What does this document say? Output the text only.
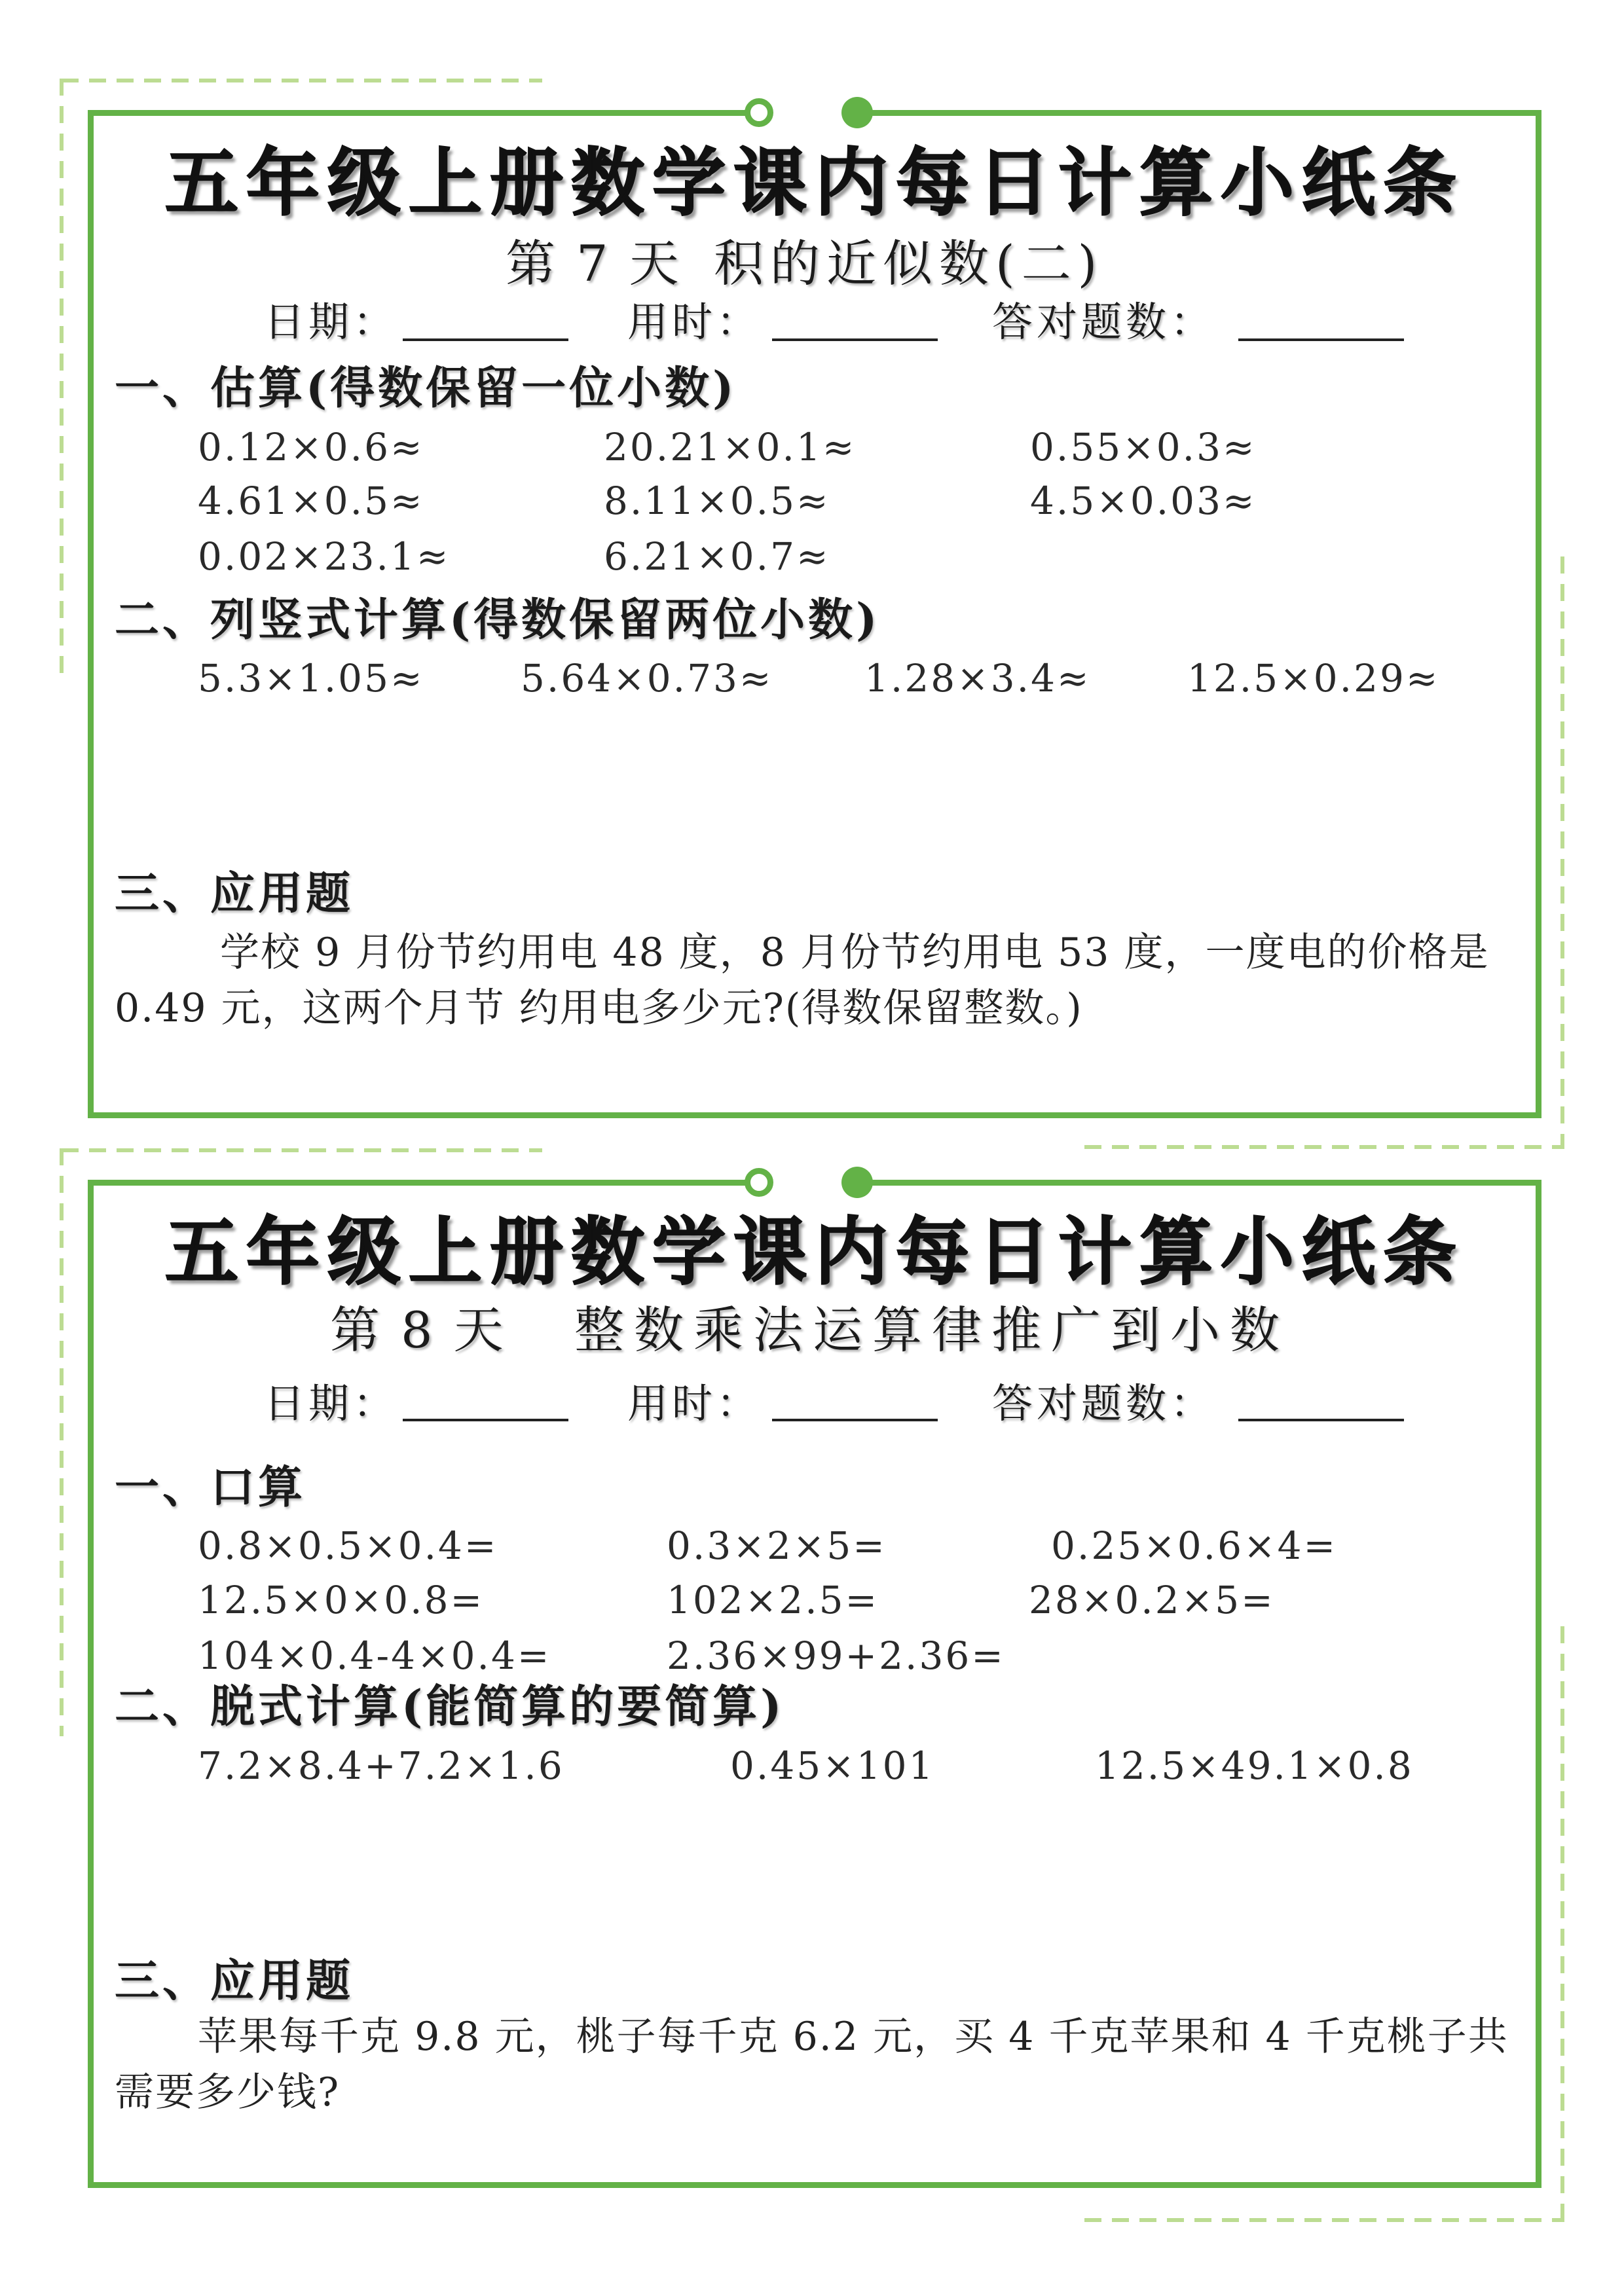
五年级上册数学课内每日计算小纸条
第 7 天 积的近似数(二)
日期：	用时：	答对题数：
一、估算(得数保留一位小数)
0.12×0.6≈	20.21×0.1≈	0.55×0.3≈
4.61×0.5≈	8.11×0.5≈	4.5×0.03≈
0.02×23.1≈	6.21×0.7≈
二、列竖式计算(得数保留两位小数)
5.3×1.05≈	5.64×0.73≈ 1.28×3.4≈	12.5×0.29≈
三、应用题
学校 9 月份节约用电 48 度，8 月份节约用电 53 度，一度电的价格是
0.49 元，这两个月节 约用电多少元?(得数保留整数。)
五年级上册数学课内每日计算小纸条
第 8 天 整数乘法运算律推广到小数
日期：	用时：	答对题数：
一、口算
0.8×0.5×0.4=	0.3×2×5=	0.25×0.6×4=
12.5×0×0.8=	102×2.5=	28×0.2×5=
104×0.4-4×0.4=	2.36×99+2.36=
二、脱式计算(能简算的要简算)
7.2×8.4+7.2×1.6	0.45×101	12.5×49.1×0.8
三、应用题
苹果每千克 9.8 元，桃子每千克 6.2 元，买 4 千克苹果和 4 千克桃子共
需要多少钱?
